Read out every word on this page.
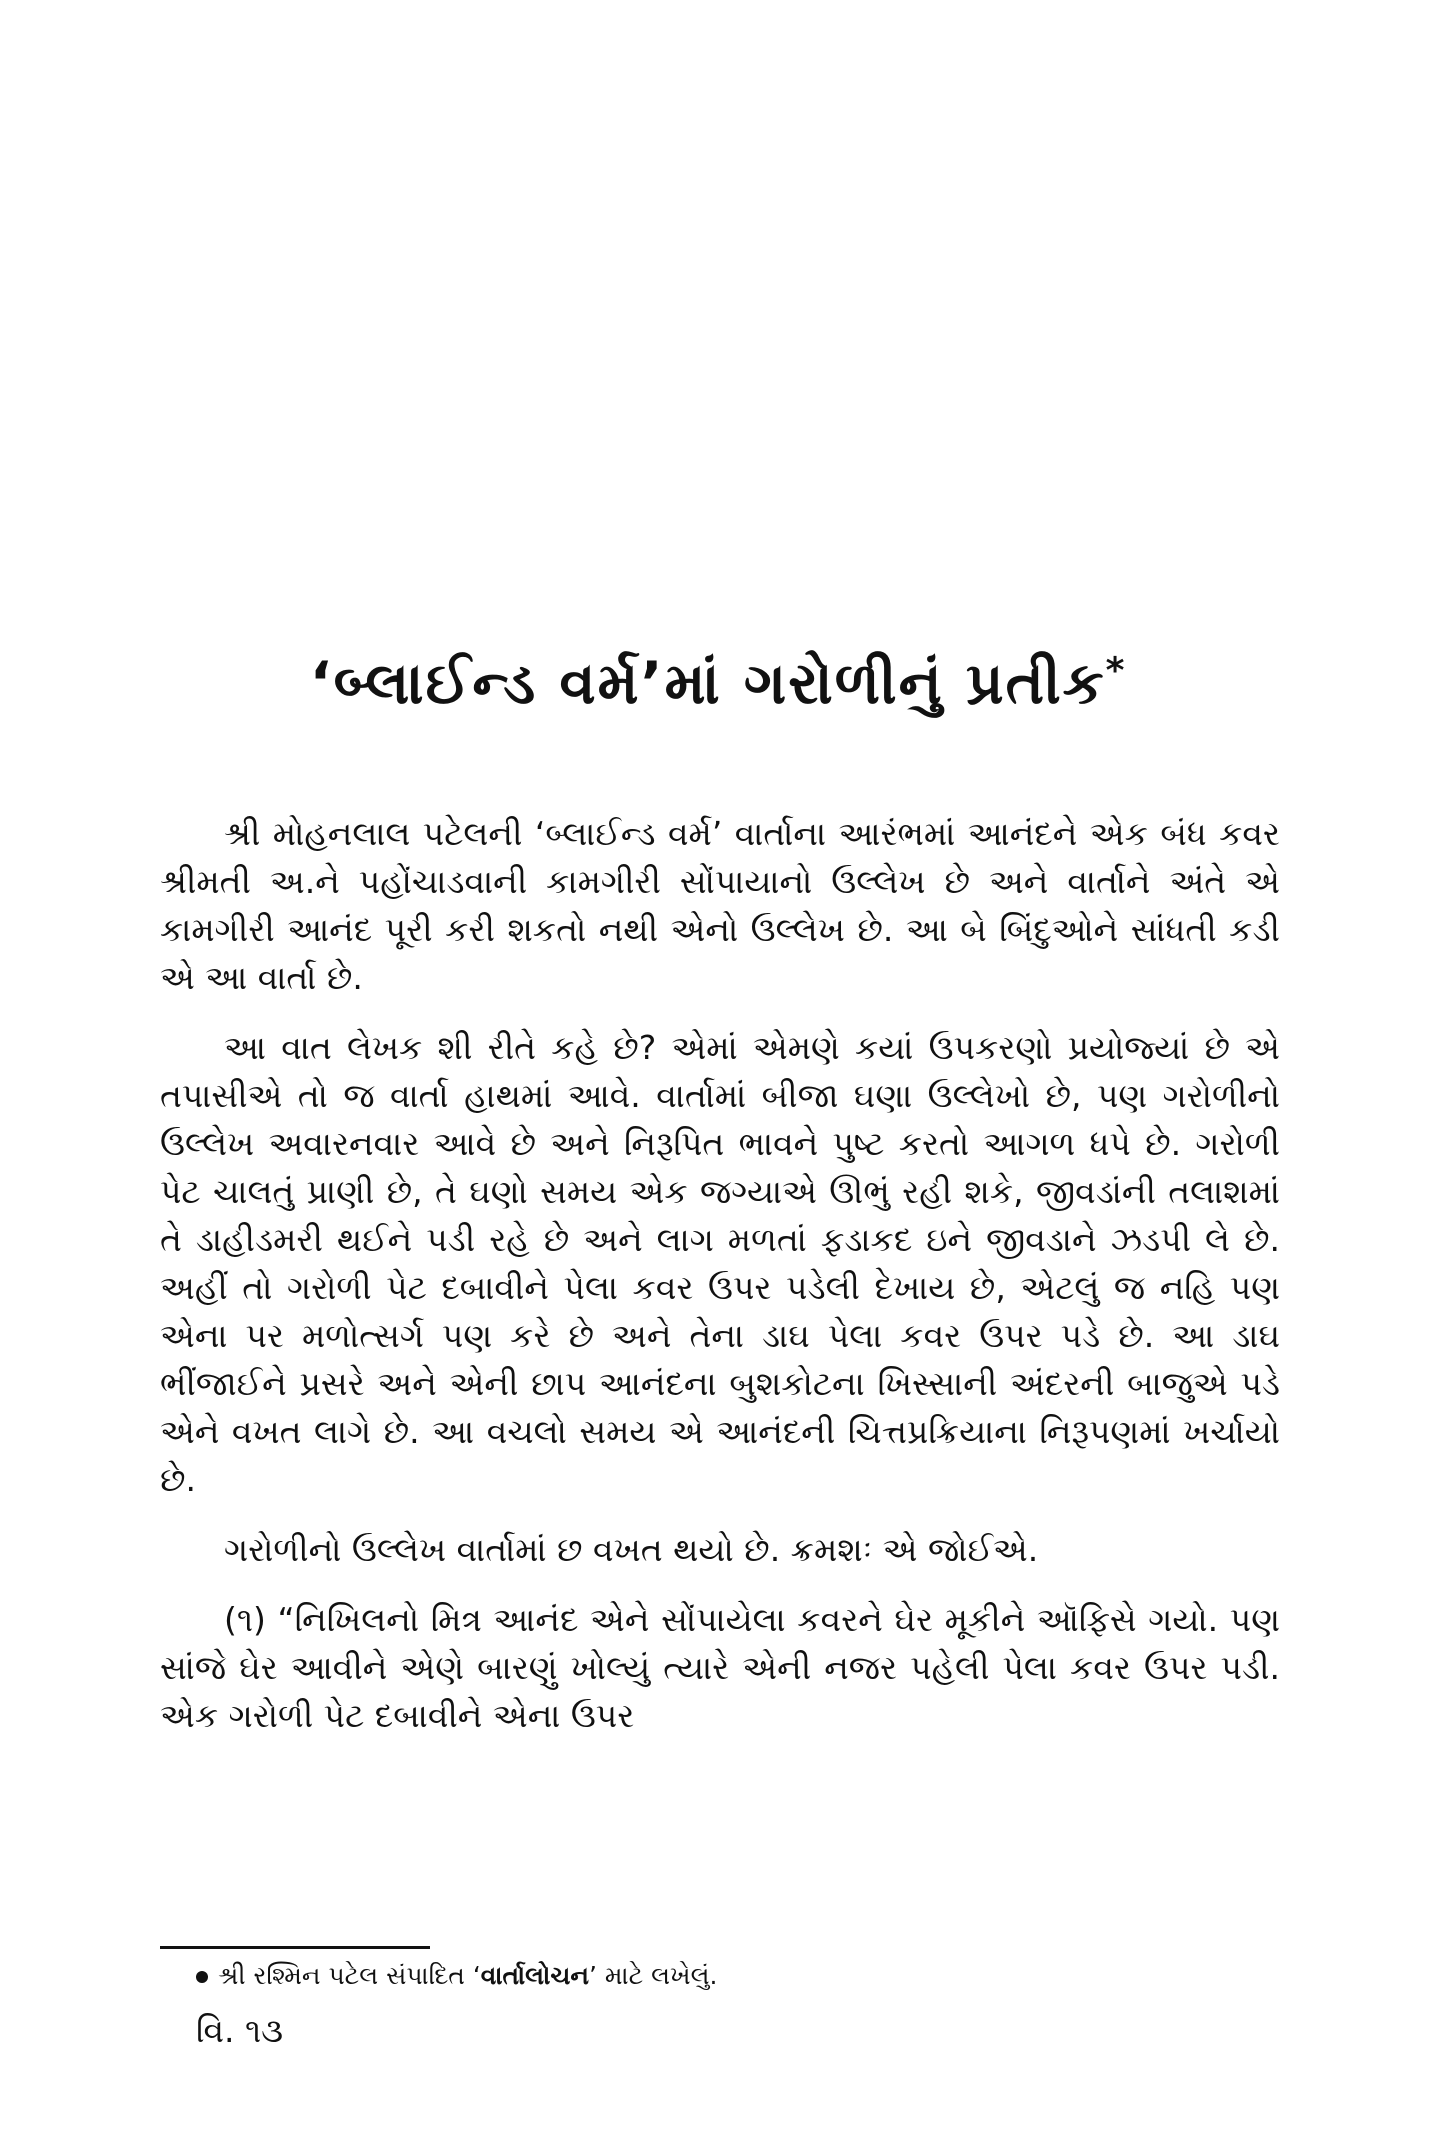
‘બ્લાઈન્ડ વર્મ’માં ગરોળીનું પ્રતીક*

શ્રી મોહનલાલ પટેલની ‘બ્લાઈન્ડ વર્મ’ વાર્તાના આરંભમાં આનંદને એક બંધ કવર શ્રીમતી અ.ને પહોંચાડવાની કામગીરી સોંપાયાનો ઉલ્લેખ છે અને વાર્તાને અંતે એ કામગીરી આનંદ પૂરી કરી શકતો નથી એનો ઉલ્લેખ છે. આ બે બિંદુઓને સાંધતી કડી એ આ વાર્તા છે.

આ વાત લેખક શી રીતે કહે છે? એમાં એમણે કયાં ઉપકરણો પ્રયોજ્યાં છે એ તપાસીએ તો જ વાર્તા હાથમાં આવે. વાર્તામાં બીજા ઘણા ઉલ્લેખો છે, પણ ગરોળીનો ઉલ્લેખ અવારનવાર આવે છે અને નિરૂપિત ભાવને પુષ્ટ કરતો આગળ ધપે છે. ગરોળી પેટ ચાલતું પ્રાણી છે, તે ઘણો સમય એક જગ્યાએ ઊભું રહી શકે, જીવડાંની તલાશમાં તે ડાહીડમરી થઈને પડી રહે છે અને લાગ મળતાં ફડાકદ ઇને જીવડાને ઝડપી લે છે. અહીં તો ગરોળી પેટ દબાવીને પેલા કવર ઉપર પડેલી દેખાય છે, એટલું જ નહિ પણ એના પર મળોત્સર્ગ પણ કરે છે અને તેના ડાઘ પેલા કવર ઉપર પડે છે. આ ડાઘ ભીંજાઈને પ્રસરે અને એની છાપ આનંદના બુશકોટના ખિસ્સાની અંદરની બાજુએ પડે એને વખત લાગે છે. આ વચલો સમય એ આનંદની ચિત્તપ્રક્રિયાના નિરૂપણમાં ખર્ચાયો છે.

ગરોળીનો ઉલ્લેખ વાર્તામાં છ વખત થયો છે. ક્રમશઃ એ જોઈએ.

(૧) “નિખિલનો મિત્ર આનંદ એને સોંપાયેલા કવરને ઘેર મૂકીને ઑફિસે ગયો. પણ સાંજે ઘેર આવીને એણે બારણું ખોલ્યું ત્યારે એની નજર પહેલી પેલા કવર ઉપર પડી. એક ગરોળી પેટ દબાવીને એના ઉપર

શ્રી રશ્મિન પટેલ સંપાદિત ‘વાર્તાલોચન’ માટે લખેલું.
વિ. ૧૩
